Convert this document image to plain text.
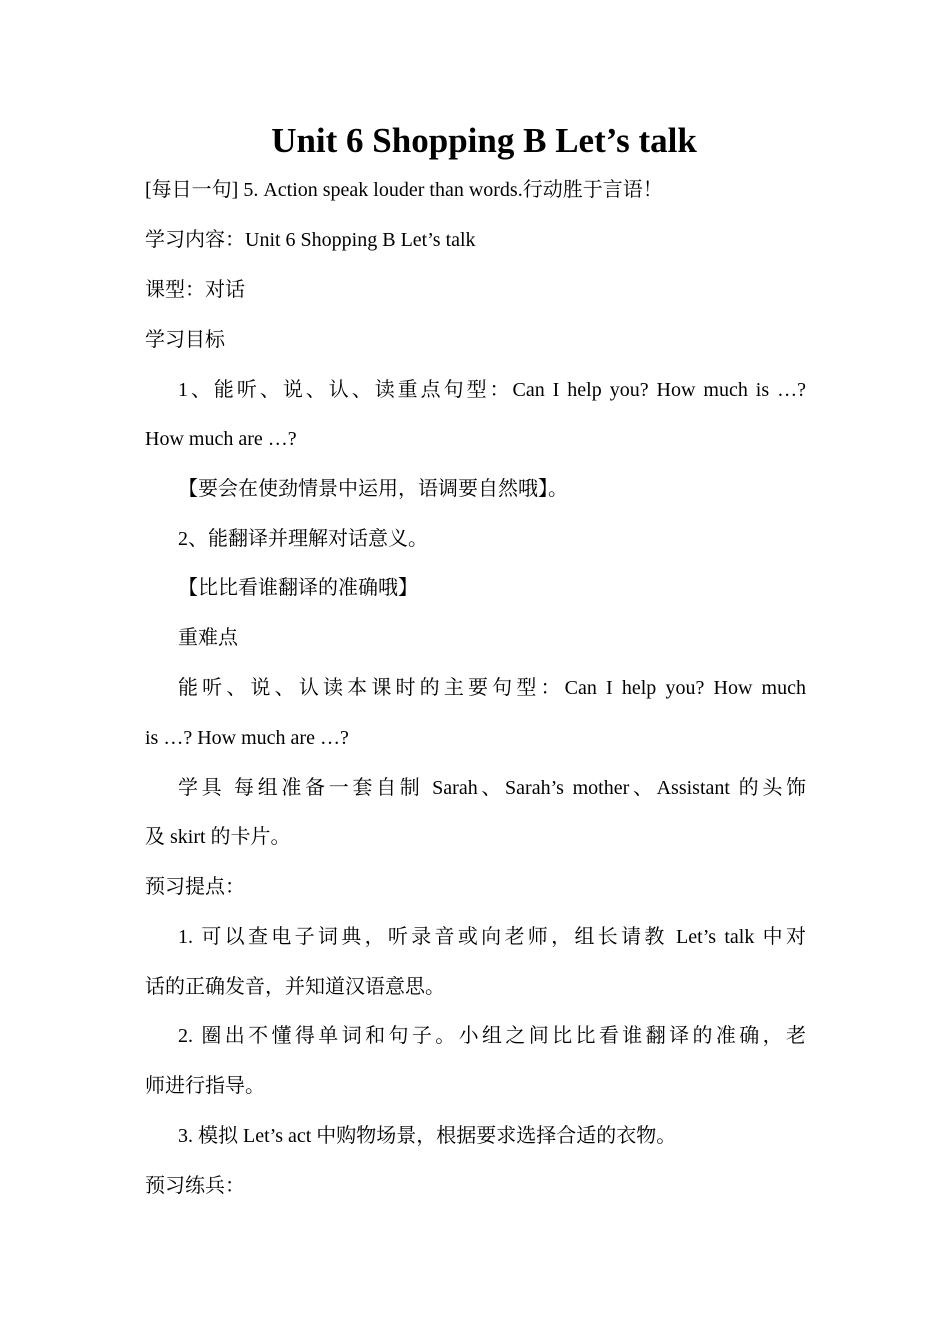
Unit 6 Shopping B Let’s talk
[每日一句] 5. Action speak louder than words.行动胜于言语！
学习内容：Unit 6 Shopping B Let’s talk
课型：对话
学习目标
1、能听、说、认、读重点句型：Can I help you? How much is …?
How much are …?
【要会在使劲情景中运用，语调要自然哦】。
2、能翻译并理解对话意义。
【比比看谁翻译的准确哦】
重难点
能听、说、认读本课时的主要句型：Can I help you? How much
is …? How much are …?
学具 每组准备一套自制 Sarah、Sarah’s mother、Assistant 的头饰
及 skirt 的卡片。
预习提点：
1. 可以查电子词典，听录音或向老师，组长请教 Let’s talk 中对
话的正确发音，并知道汉语意思。
2. 圈出不懂得单词和句子。小组之间比比看谁翻译的准确，老
师进行指导。
3. 模拟 Let’s act 中购物场景，根据要求选择合适的衣物。
预习练兵：
